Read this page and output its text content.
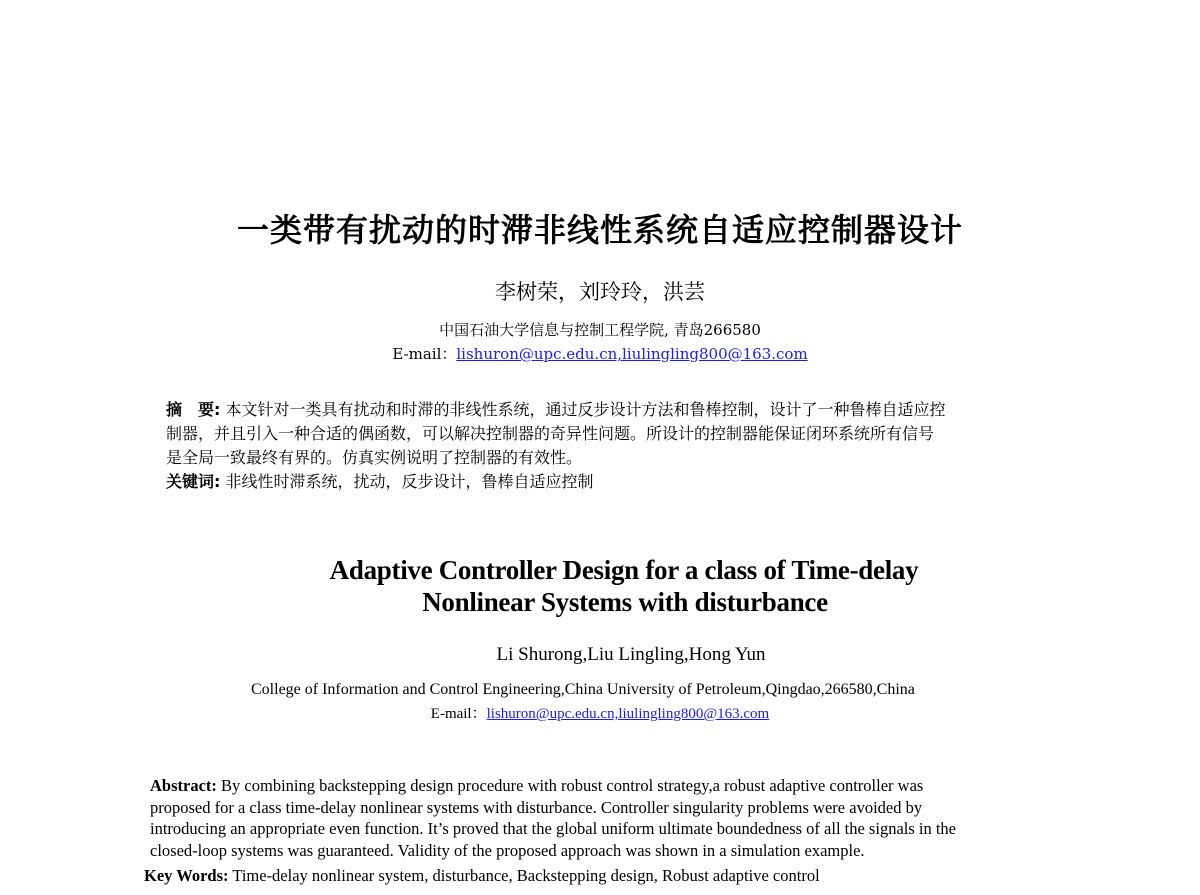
一类带有扰动的时滞非线性系统自适应控制器设计
李树荣，刘玲玲，洪芸
中国石油大学信息与控制工程学院, 青岛266580
E-mail：lishuron@upc.edu.cn,liulingling800@163.com
摘　要: 本文针对一类具有扰动和时滞的非线性系统，通过反步设计方法和鲁棒控制，设计了一种鲁棒自适应控
制器，并且引入一种合适的偶函数，可以解决控制器的奇异性问题。所设计的控制器能保证闭环系统所有信号
是全局一致最终有界的。仿真实例说明了控制器的有效性。
关键词: 非线性时滞系统，扰动，反步设计，鲁棒自适应控制
Adaptive Controller Design for a class of Time-delay
Nonlinear Systems with disturbance
Li Shurong,Liu Lingling,Hong Yun
College of Information and Control Engineering,China University of Petroleum,Qingdao,266580,China
E-mail：lishuron@upc.edu.cn,liulingling800@163.com
Abstract: By combining backstepping design procedure with robust control strategy,a robust adaptive controller was
proposed for a class time-delay nonlinear systems with disturbance. Controller singularity problems were avoided by
introducing an appropriate even function. It’s proved that the global uniform ultimate boundedness of all the signals in the
closed-loop systems was guaranteed. Validity of the proposed approach was shown in a simulation example.
Key Words: Time-delay nonlinear system, disturbance, Backstepping design, Robust adaptive control
